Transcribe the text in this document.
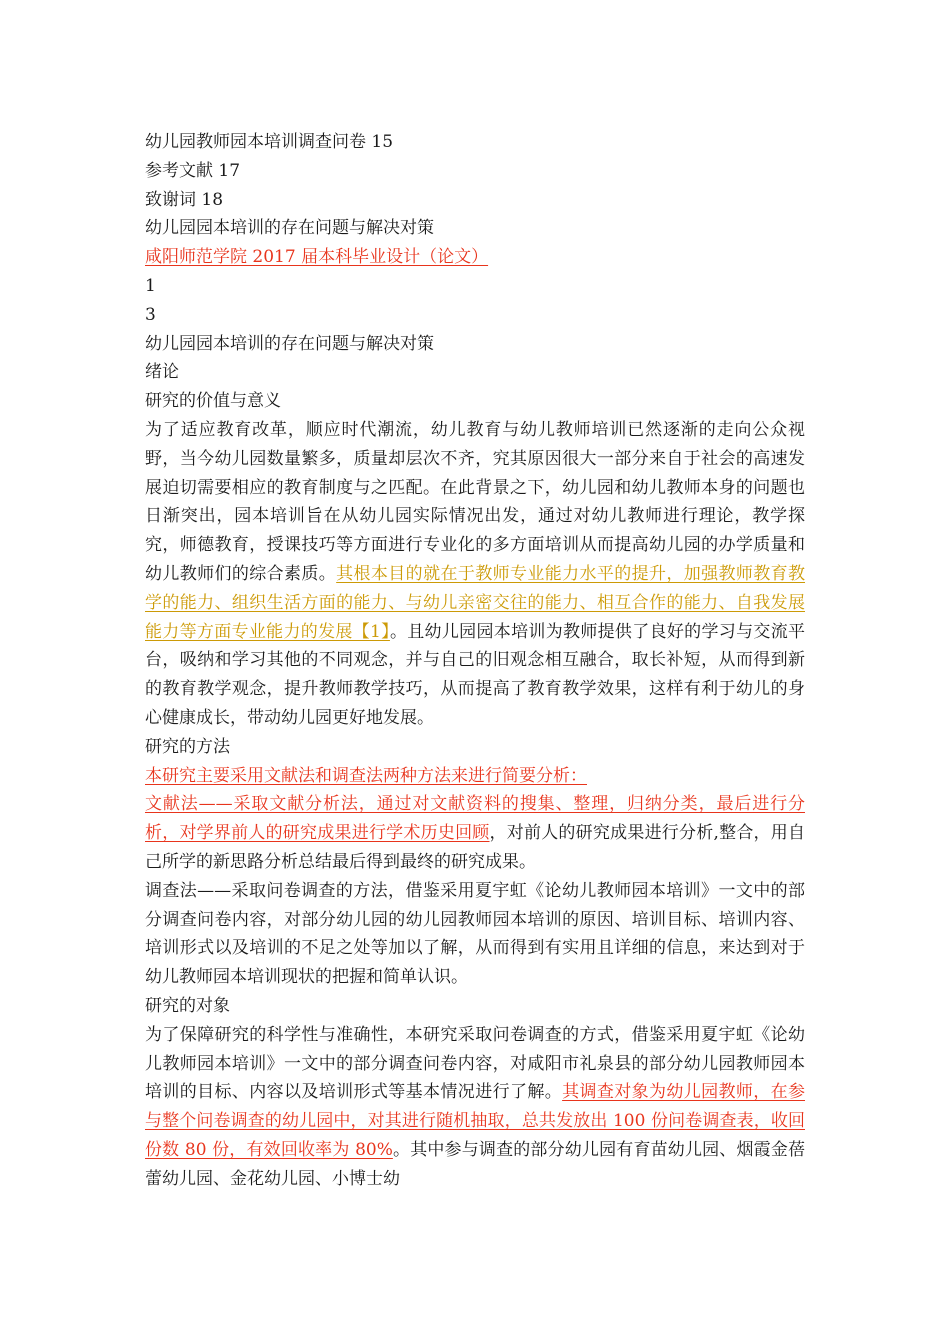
幼儿园教师园本培训调查问卷 15
参考文献 17
致谢词 18
幼儿园园本培训的存在问题与解决对策
咸阳师范学院 2017 届本科毕业设计（论文）
1
3
幼儿园园本培训的存在问题与解决对策
绪论
研究的价值与意义
为了适应教育改革，顺应时代潮流，幼儿教育与幼儿教师培训已然逐渐的走向公众视野，当今幼儿园数量繁多，质量却层次不齐，究其原因很大一部分来自于社会的高速发展迫切需要相应的教育制度与之匹配。在此背景之下，幼儿园和幼儿教师本身的问题也日渐突出，园本培训旨在从幼儿园实际情况出发，通过对幼儿教师进行理论，教学探究，师德教育，授课技巧等方面进行专业化的多方面培训从而提高幼儿园的办学质量和幼儿教师们的综合素质。其根本目的就在于教师专业能力水平的提升，加强教师教育教学的能力、组织生活方面的能力、与幼儿亲密交往的能力、相互合作的能力、自我发展能力等方面专业能力的发展【1】。且幼儿园园本培训为教师提供了良好的学习与交流平台，吸纳和学习其他的不同观念，并与自己的旧观念相互融合，取长补短，从而得到新的教育教学观念，提升教师教学技巧，从而提高了教育教学效果，这样有利于幼儿的身心健康成长，带动幼儿园更好地发展。
研究的方法
本研究主要采用文献法和调查法两种方法来进行简要分析：
文献法——采取文献分析法，通过对文献资料的搜集、整理，归纳分类，最后进行分析，对学界前人的研究成果进行学术历史回顾，对前人的研究成果进行分析,整合，用自己所学的新思路分析总结最后得到最终的研究成果。
调查法——采取问卷调查的方法，借鉴采用夏宇虹《论幼儿教师园本培训》一文中的部分调查问卷内容，对部分幼儿园的幼儿园教师园本培训的原因、培训目标、培训内容、培训形式以及培训的不足之处等加以了解，从而得到有实用且详细的信息，来达到对于幼儿教师园本培训现状的把握和简单认识。
研究的对象
为了保障研究的科学性与准确性，本研究采取问卷调查的方式，借鉴采用夏宇虹《论幼儿教师园本培训》一文中的部分调查问卷内容，对咸阳市礼泉县的部分幼儿园教师园本培训的目标、内容以及培训形式等基本情况进行了解。其调查对象为幼儿园教师，在参与整个问卷调查的幼儿园中，对其进行随机抽取，总共发放出 100 份问卷调查表，收回份数 80 份，有效回收率为 80%。其中参与调查的部分幼儿园有育苗幼儿园、烟霞金蓓蕾幼儿园、金花幼儿园、小博士幼
